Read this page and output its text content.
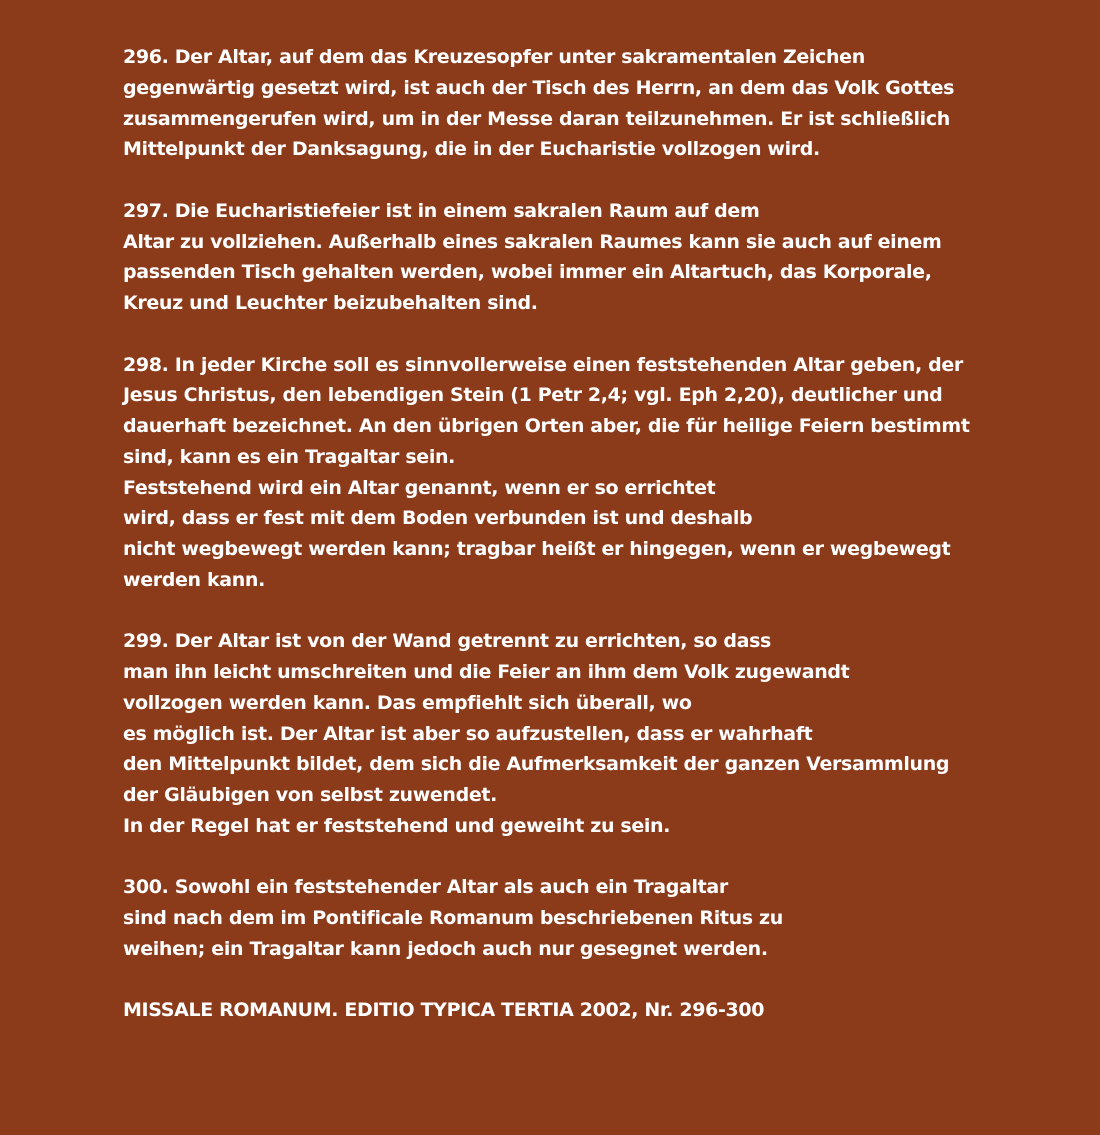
296. Der Altar, auf dem das Kreuzesopfer unter sakramentalen Zeichen
gegenwärtig gesetzt wird, ist auch der Tisch des Herrn, an dem das Volk Gottes
zusammengerufen wird, um in der Messe daran teilzunehmen. Er ist schließlich
Mittelpunkt der Danksagung, die in der Eucharistie vollzogen wird.
297. Die Eucharistiefeier ist in einem sakralen Raum auf dem
Altar zu vollziehen. Außerhalb eines sakralen Raumes kann sie auch auf einem
passenden Tisch gehalten werden, wobei immer ein Altartuch, das Korporale,
Kreuz und Leuchter beizubehalten sind.
298. In jeder Kirche soll es sinnvollerweise einen feststehenden Altar geben, der
Jesus Christus, den lebendigen Stein (1 Petr 2,4; vgl. Eph 2,20), deutlicher und
dauerhaft bezeichnet. An den übrigen Orten aber, die für heilige Feiern bestimmt
sind, kann es ein Tragaltar sein.
Feststehend wird ein Altar genannt, wenn er so errichtet
wird, dass er fest mit dem Boden verbunden ist und deshalb
nicht wegbewegt werden kann; tragbar heißt er hingegen, wenn er wegbewegt
werden kann.
299. Der Altar ist von der Wand getrennt zu errichten, so dass
man ihn leicht umschreiten und die Feier an ihm dem Volk zugewandt
vollzogen werden kann. Das empfiehlt sich überall, wo
es möglich ist. Der Altar ist aber so aufzustellen, dass er wahrhaft
den Mittelpunkt bildet, dem sich die Aufmerksamkeit der ganzen Versammlung
der Gläubigen von selbst zuwendet.
In der Regel hat er feststehend und geweiht zu sein.
300. Sowohl ein feststehender Altar als auch ein Tragaltar
sind nach dem im Pontificale Romanum beschriebenen Ritus zu
weihen; ein Tragaltar kann jedoch auch nur gesegnet werden.
MISSALE ROMANUM. EDITIO TYPICA TERTIA 2002, Nr. 296-300
